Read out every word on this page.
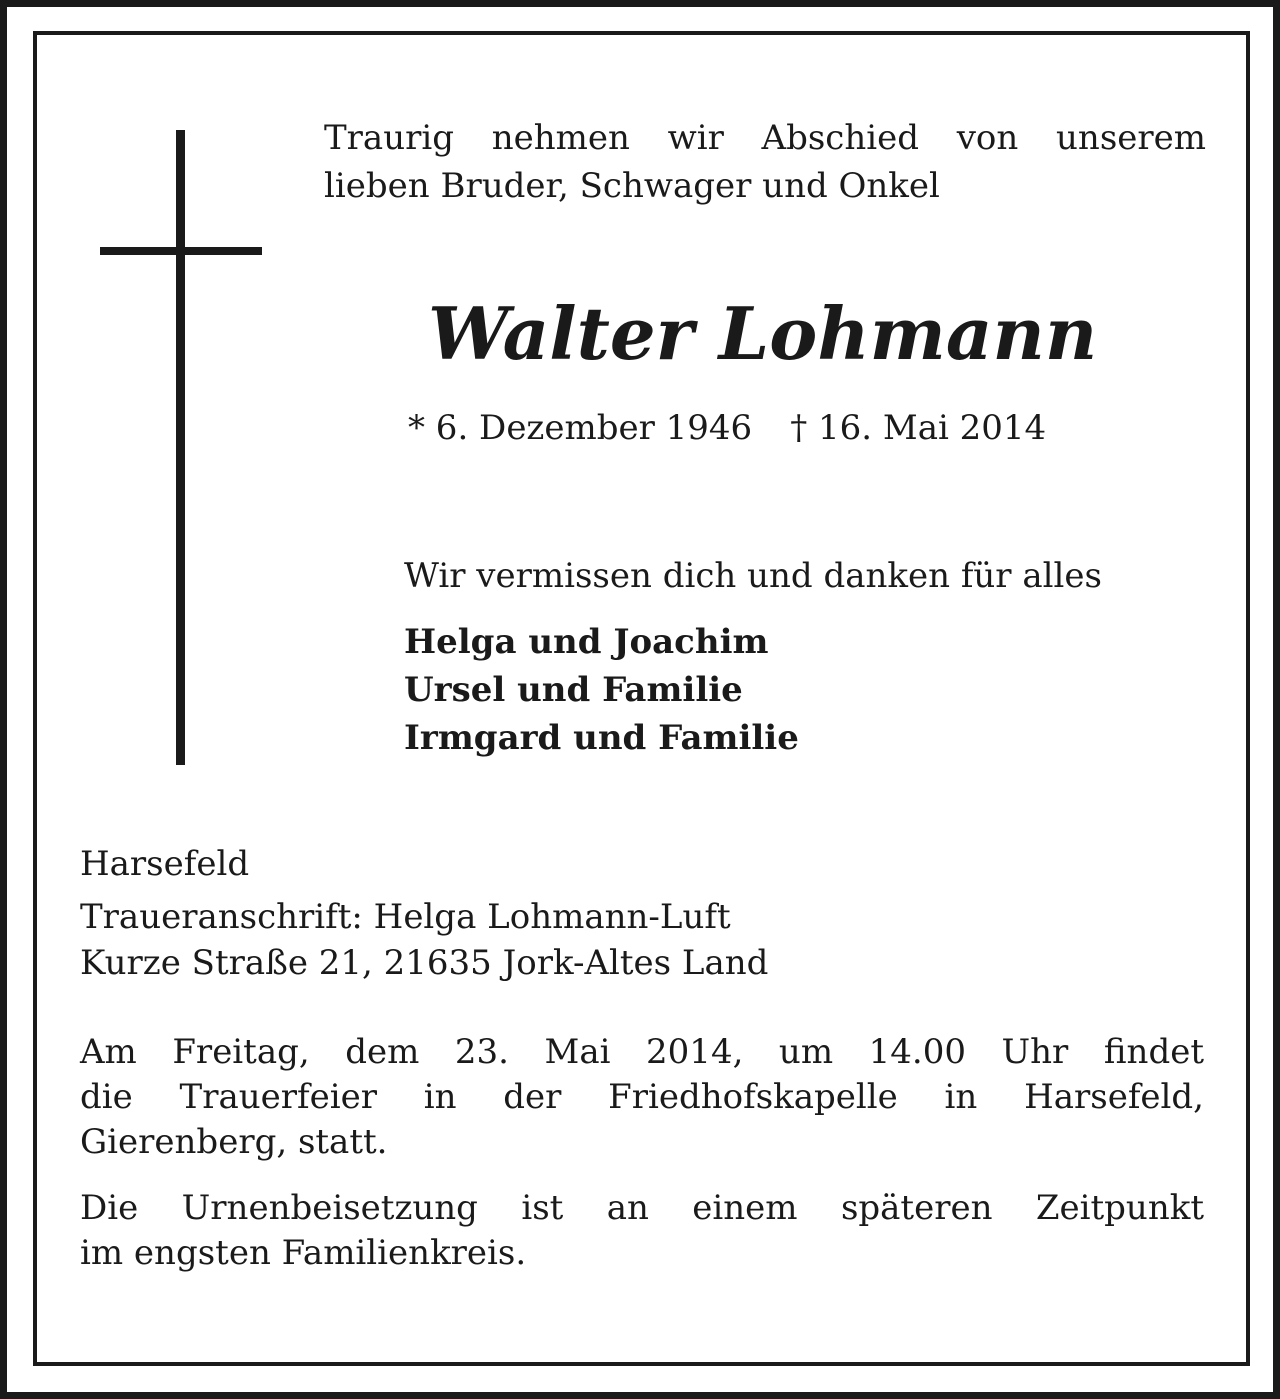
Traurig nehmen wir Abschied von unserem
lieben Bruder, Schwager und Onkel
Walter Lohmann
* 6. Dezember 1946 † 16. Mai 2014
Wir vermissen dich und danken für alles
Helga und Joachim
Ursel und Familie
Irmgard und Familie
Harsefeld
Traueranschrift: Helga Lohmann-Luft
Kurze Straße 21, 21635 Jork-Altes Land
Am Freitag, dem 23. Mai 2014, um 14.00 Uhr findet
die Trauerfeier in der Friedhofskapelle in Harsefeld,
Gierenberg, statt.
Die Urnenbeisetzung ist an einem späteren Zeitpunkt
im engsten Familienkreis.
